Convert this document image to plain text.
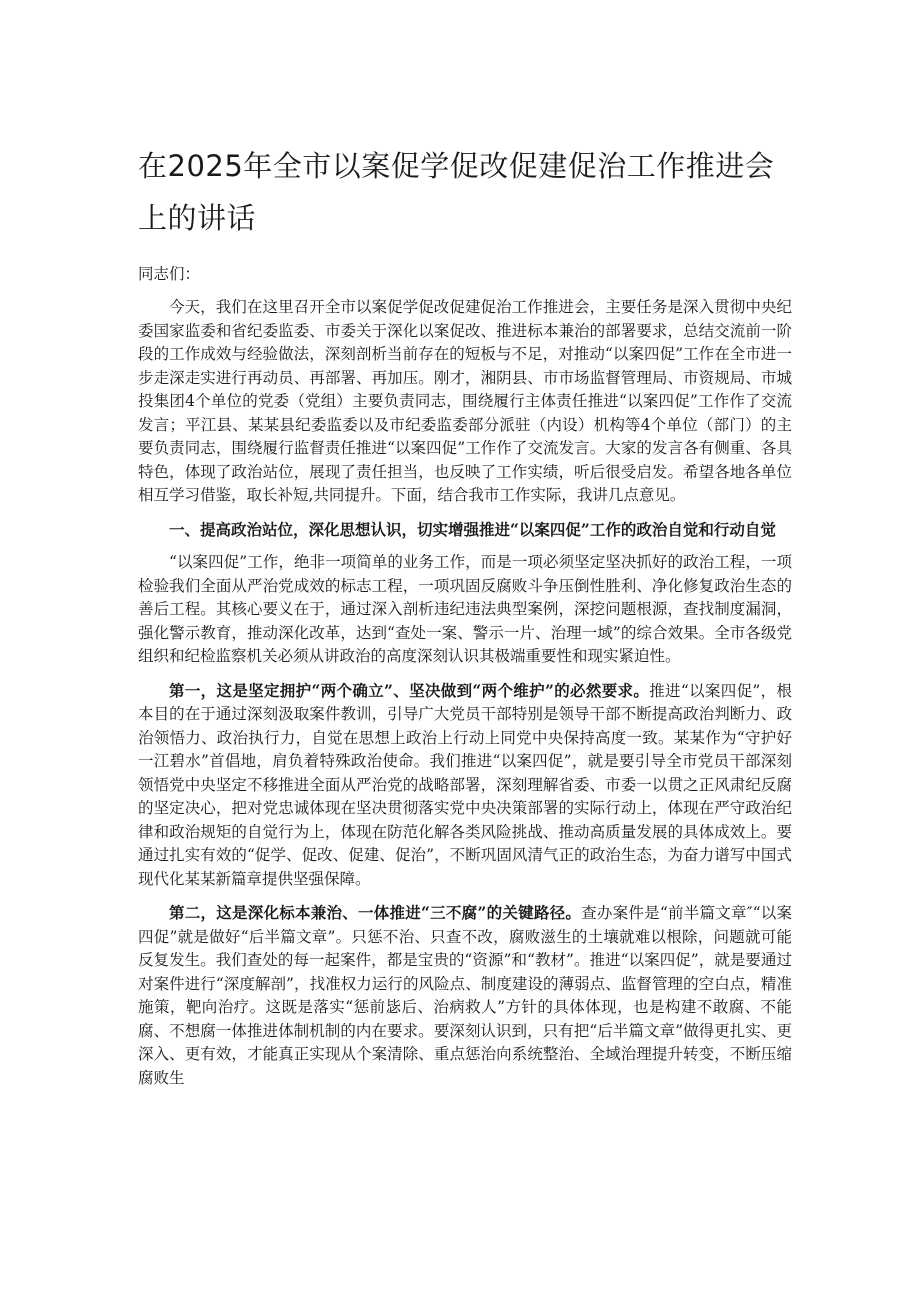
在2025年全市以案促学促改促建促治工作推进会上的讲话

同志们：

今天，我们在这里召开全市以案促学促改促建促治工作推进会，主要任务是深入贯彻中央纪委国家监委和省纪委监委、市委关于深化以案促改、推进标本兼治的部署要求，总结交流前一阶段的工作成效与经验做法，深刻剖析当前存在的短板与不足，对推动“以案四促”工作在全市进一步走深走实进行再动员、再部署、再加压。刚才，湘阴县、市市场监督管理局、市资规局、市城投集团4个单位的党委（党组）主要负责同志，围绕履行主体责任推进“以案四促”工作作了交流发言；平江县、某某县纪委监委以及市纪委监委部分派驻（内设）机构等4个单位（部门）的主要负责同志，围绕履行监督责任推进“以案四促”工作作了交流发言。大家的发言各有侧重、各具特色，体现了政治站位，展现了责任担当，也反映了工作实绩，听后很受启发。希望各地各单位相互学习借鉴，取长补短,共同提升。下面，结合我市工作实际，我讲几点意见。

一、提高政治站位，深化思想认识，切实增强推进“以案四促”工作的政治自觉和行动自觉

“以案四促”工作，绝非一项简单的业务工作，而是一项必须坚定坚决抓好的政治工程，一项检验我们全面从严治党成效的标志工程，一项巩固反腐败斗争压倒性胜利、净化修复政治生态的善后工程。其核心要义在于，通过深入剖析违纪违法典型案例，深挖问题根源，查找制度漏洞，强化警示教育，推动深化改革，达到“查处一案、警示一片、治理一域”的综合效果。全市各级党组织和纪检监察机关必须从讲政治的高度深刻认识其极端重要性和现实紧迫性。

第一，这是坚定拥护“两个确立”、坚决做到“两个维护”的必然要求。推进“以案四促”，根本目的在于通过深刻汲取案件教训，引导广大党员干部特别是领导干部不断提高政治判断力、政治领悟力、政治执行力，自觉在思想上政治上行动上同党中央保持高度一致。某某作为“守护好一江碧水”首倡地，肩负着特殊政治使命。我们推进“以案四促”，就是要引导全市党员干部深刻领悟党中央坚定不移推进全面从严治党的战略部署，深刻理解省委、市委一以贯之正风肃纪反腐的坚定决心，把对党忠诚体现在坚决贯彻落实党中央决策部署的实际行动上，体现在严守政治纪律和政治规矩的自觉行为上，体现在防范化解各类风险挑战、推动高质量发展的具体成效上。要通过扎实有效的“促学、促改、促建、促治”，不断巩固风清气正的政治生态，为奋力谱写中国式现代化某某新篇章提供坚强保障。

第二，这是深化标本兼治、一体推进“三不腐”的关键路径。查办案件是“前半篇文章″“以案四促”就是做好“后半篇文章”。只惩不治、只查不改，腐败滋生的土壤就难以根除，问题就可能反复发生。我们查处的每一起案件，都是宝贵的“资源”和“教材”。推进“以案四促”，就是要通过对案件进行“深度解剖”，找准权力运行的风险点、制度建设的薄弱点、监督管理的空白点，精准施策，靶向治疗。这既是落实“惩前毖后、治病救人”方针的具体体现，也是构建不敢腐、不能腐、不想腐一体推进体制机制的内在要求。要深刻认识到，只有把“后半篇文章”做得更扎实、更深入、更有效，才能真正实现从个案清除、重点惩治向系统整治、全域治理提升转变，不断压缩腐败生
